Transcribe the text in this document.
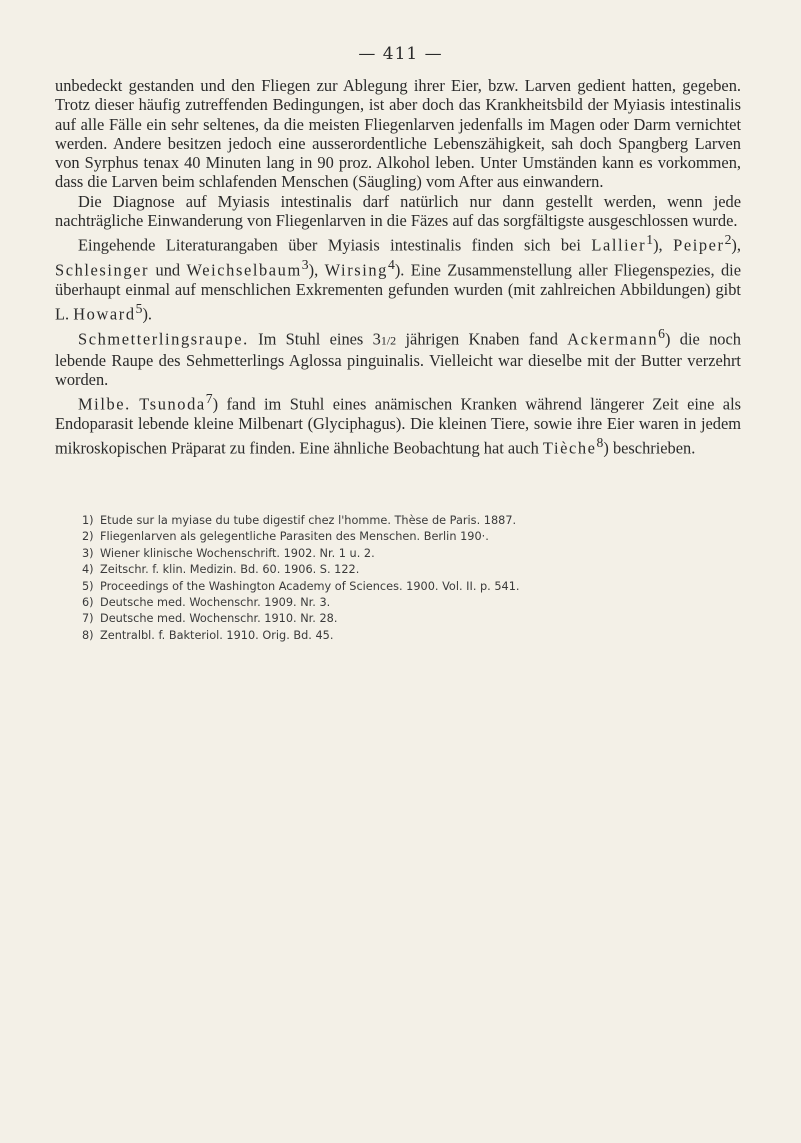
— 411 —

unbedeckt gestanden und den Fliegen zur Ablegung ihrer Eier, bzw. Larven gedient hatten, gegeben. Trotz dieser häufig zutreffenden Bedingungen, ist aber doch das Krankheitsbild der Myiasis intestinalis auf alle Fälle ein sehr seltenes, da die meisten Fliegenlarven jedenfalls im Magen oder Darm vernichtet werden. Andere besitzen jedoch eine ausserordentliche Lebenszähigkeit, sah doch Spangberg Larven von Syrphus tenax 40 Minuten lang in 90 proz. Alkohol leben. Unter Umständen kann es vorkommen, dass die Larven beim schlafenden Menschen (Säugling) vom After aus einwandern.

Die Diagnose auf Myiasis intestinalis darf natürlich nur dann gestellt werden, wenn jede nachträgliche Einwanderung von Fliegenlarven in die Fäzes auf das sorgfältigste ausgeschlossen wurde.

Eingehende Literaturangaben über Myiasis intestinalis finden sich bei Lallier$^1$), Peiper$^2$), Schlesinger und Weichselbaum$^3$), Wirsing$^4$). Eine Zusammenstellung aller Fliegenspezies, die überhaupt einmal auf menschlichen Exkrementen gefunden wurden (mit zahlreichen Abbildungen) gibt L. Howard$^5$).

Schmetterlingsraupe. Im Stuhl eines 31/2 jährigen Knaben fand Ackermann$^6$) die noch lebende Raupe des Sehmetterlings Aglossa pinguinalis. Vielleicht war dieselbe mit der Butter verzehrt worden.

Milbe. Tsunoda$^7$) fand im Stuhl eines anämischen Kranken während längerer Zeit eine als Endoparasit lebende kleine Milbenart (Glyciphagus). Die kleinen Tiere, sowie ihre Eier waren in jedem mikroskopischen Präparat zu finden. Eine ähnliche Beobachtung hat auch Tièche$^8$) beschrieben.

1) Etude sur la myiase du tube digestif chez l'homme. Thèse de Paris. 1887.
2) Fliegenlarven als gelegentliche Parasiten des Menschen. Berlin 190·.
3) Wiener klinische Wochenschrift. 1902. Nr. 1 u. 2.
4) Zeitschr. f. klin. Medizin. Bd. 60. 1906. S. 122.
5) Proceedings of the Washington Academy of Sciences. 1900. Vol. II. p. 541.
6) Deutsche med. Wochenschr. 1909. Nr. 3.
7) Deutsche med. Wochenschr. 1910. Nr. 28.
8) Zentralbl. f. Bakteriol. 1910. Orig. Bd. 45.
